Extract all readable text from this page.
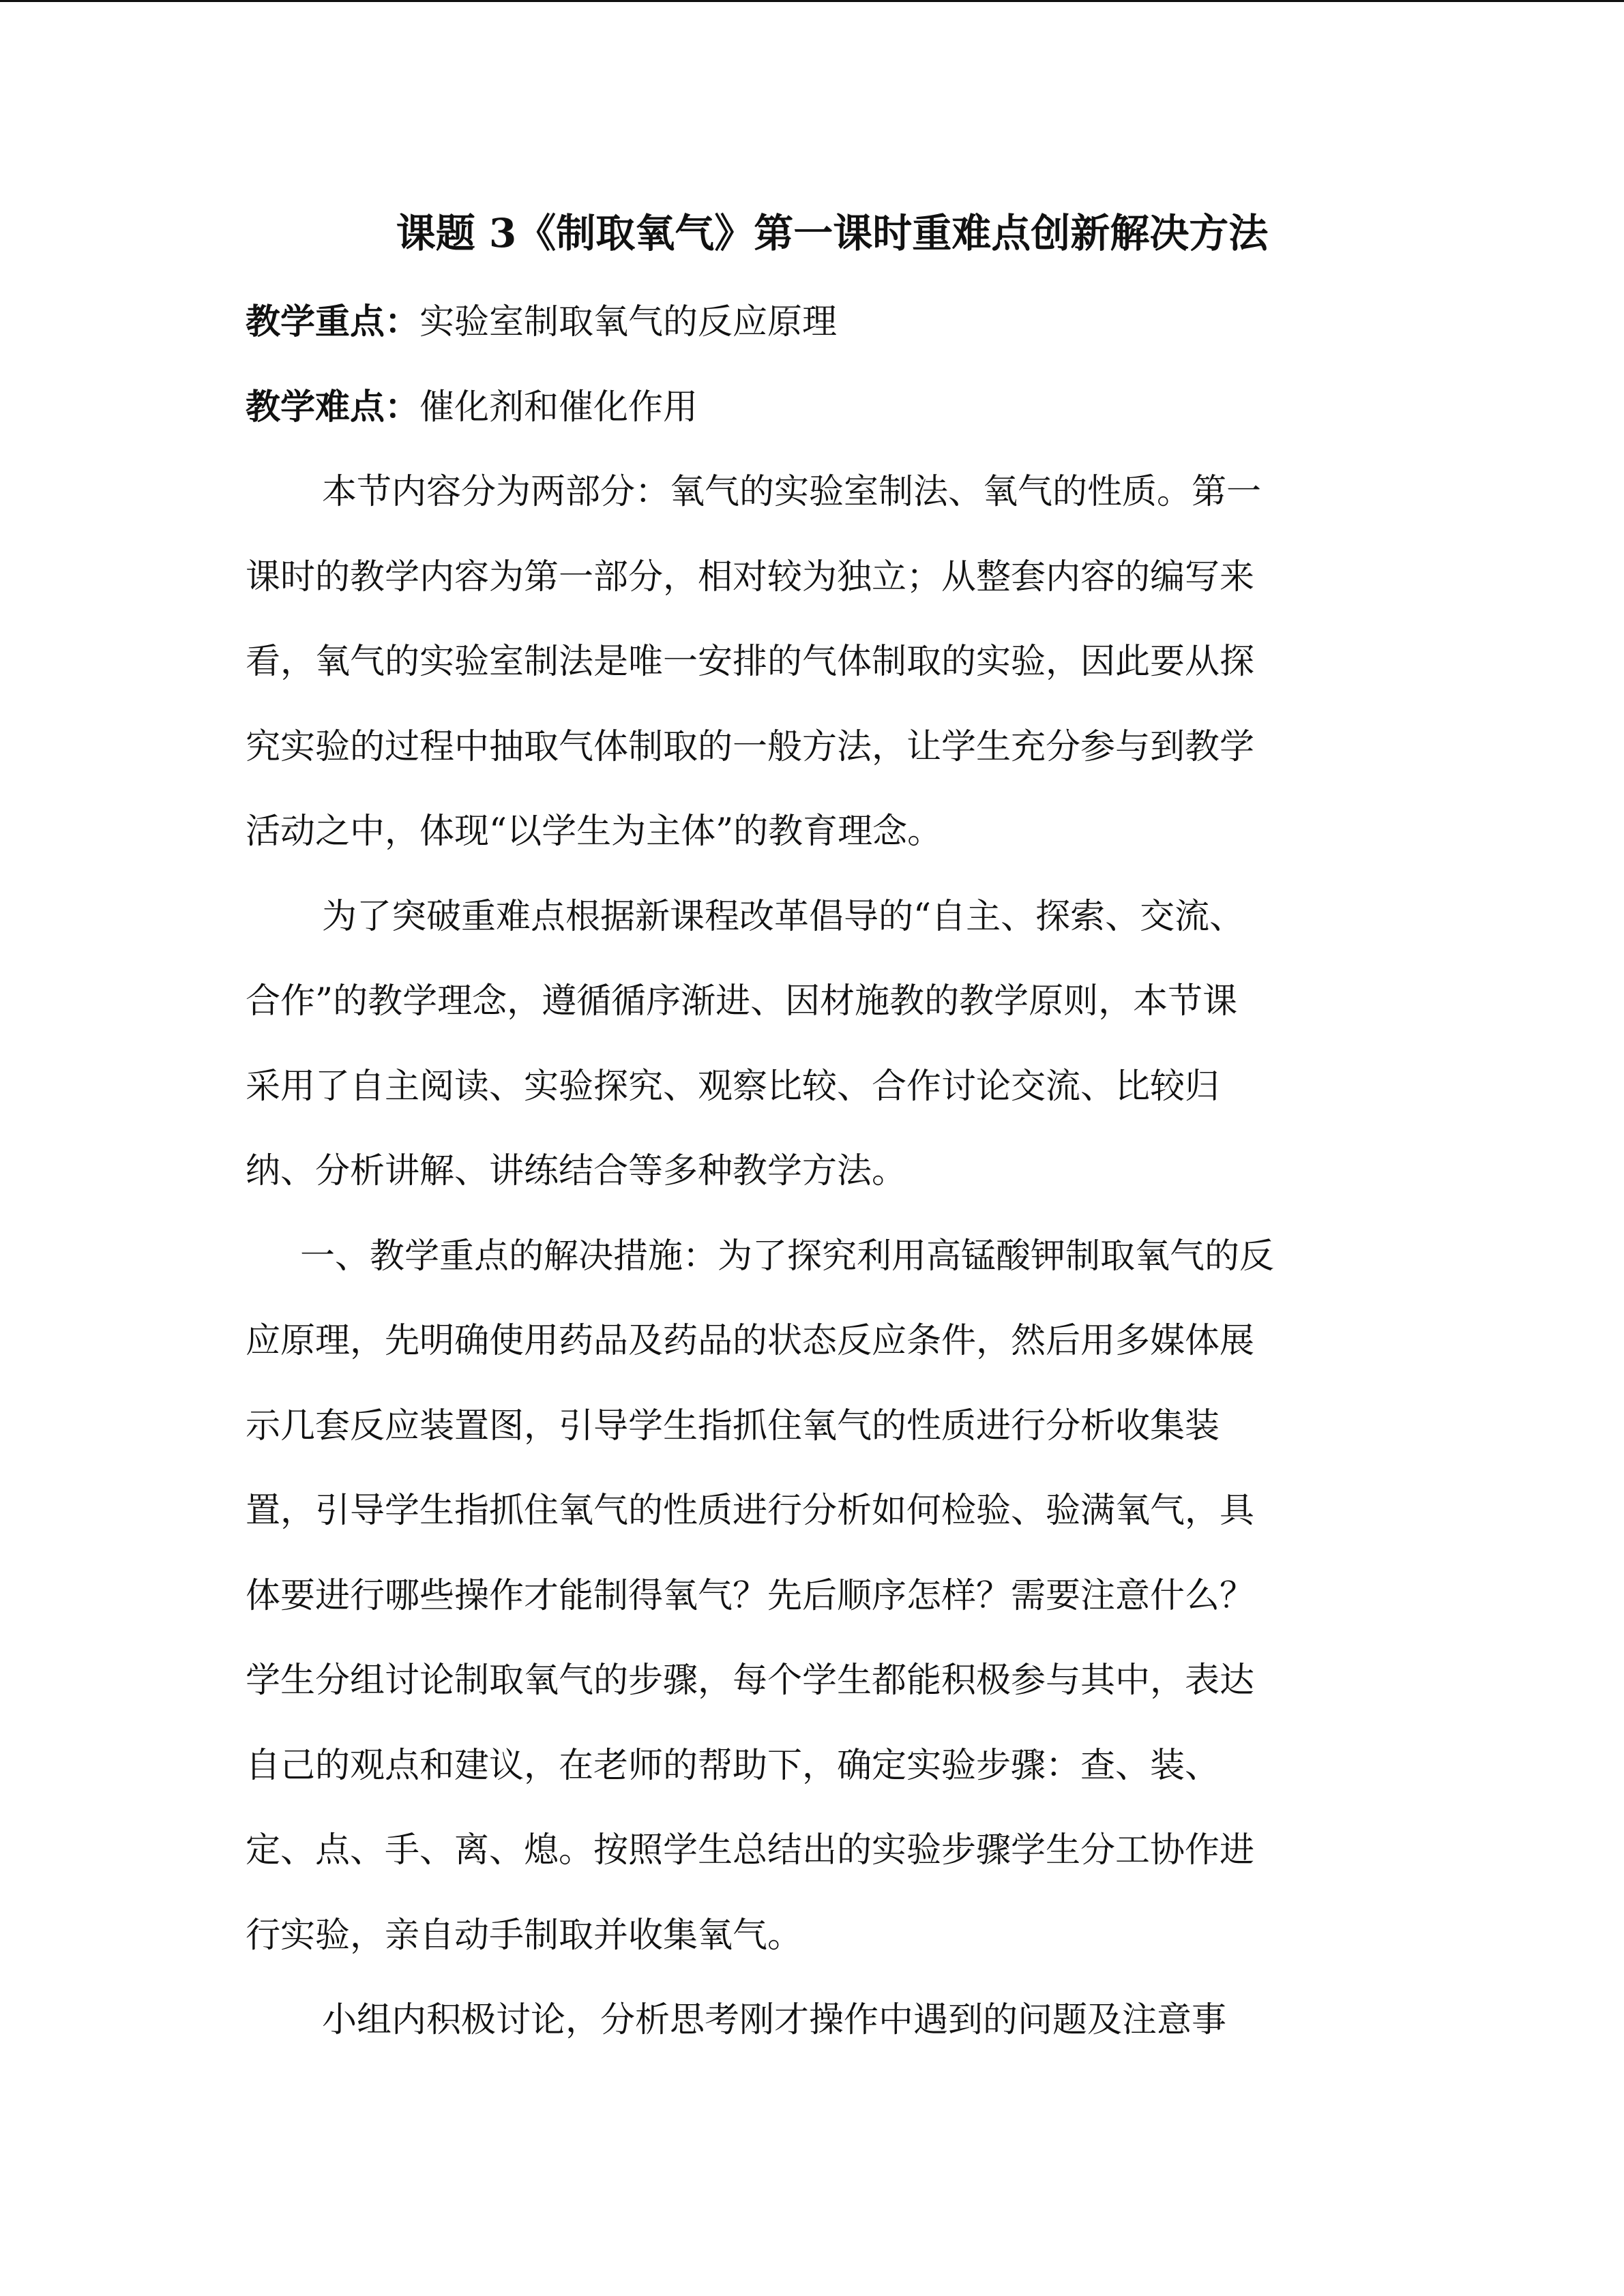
课题 3《制取氧气》第一课时重难点创新解决方法
教学重点：实验室制取氧气的反应原理
教学难点：催化剂和催化作用
本节内容分为两部分：氧气的实验室制法、氧气的性质。第一
课时的教学内容为第一部分，相对较为独立；从整套内容的编写来
看，氧气的实验室制法是唯一安排的气体制取的实验，因此要从探
究实验的过程中抽取气体制取的一般方法，让学生充分参与到教学
活动之中，体现“以学生为主体”的教育理念。
为了突破重难点根据新课程改革倡导的“自主、探索、交流、
合作”的教学理念，遵循循序渐进、因材施教的教学原则，本节课
采用了自主阅读、实验探究、观察比较、合作讨论交流、比较归
纳、分析讲解、讲练结合等多种教学方法。
一、教学重点的解决措施：为了探究利用高锰酸钾制取氧气的反
应原理，先明确使用药品及药品的状态反应条件，然后用多媒体展
示几套反应装置图，引导学生指抓住氧气的性质进行分析收集装
置，引导学生指抓住氧气的性质进行分析如何检验、验满氧气，具
体要进行哪些操作才能制得氧气？先后顺序怎样？需要注意什么？
学生分组讨论制取氧气的步骤，每个学生都能积极参与其中，表达
自己的观点和建议，在老师的帮助下，确定实验步骤：查、装、
定、点、手、离、熄。按照学生总结出的实验步骤学生分工协作进
行实验，亲自动手制取并收集氧气。
小组内积极讨论，分析思考刚才操作中遇到的问题及注意事
